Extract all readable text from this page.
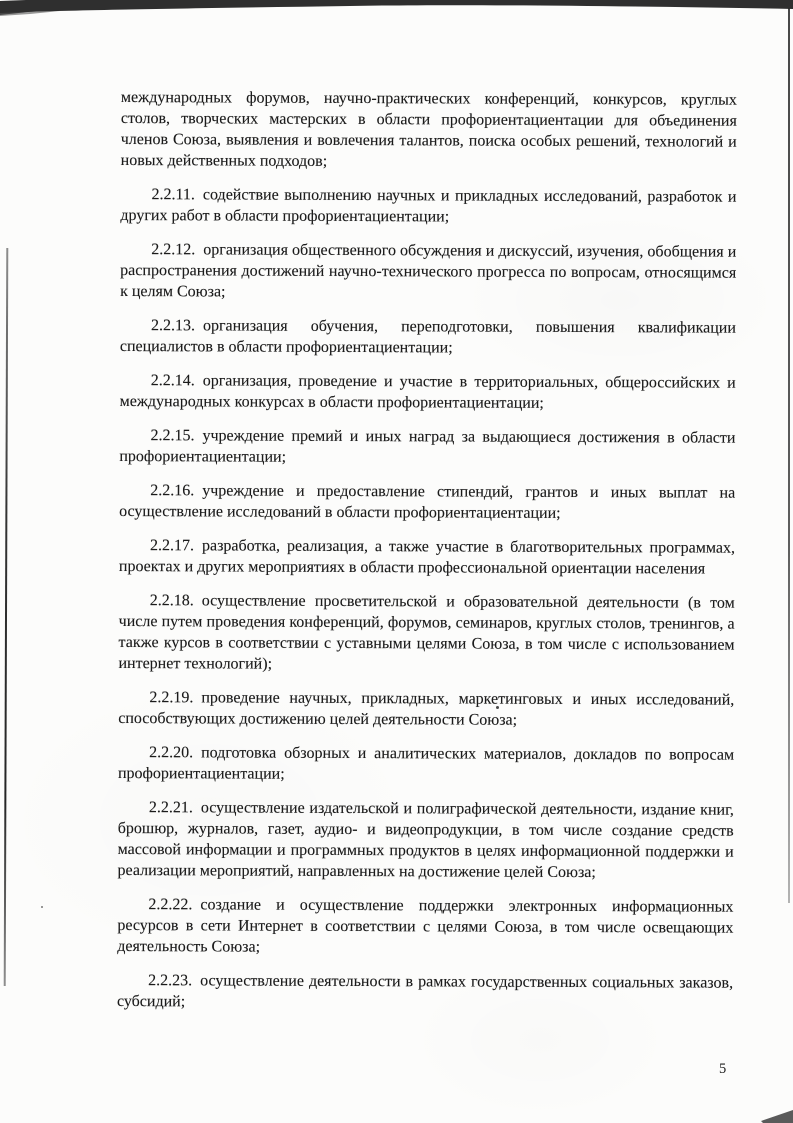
международных форумов, научно-практических конференций, конкурсов, круглых столов, творческих мастерских в области профориентациентации для объединения членов Союза, выявления и вовлечения талантов, поиска особых решений, технологий и новых действенных подходов;

2.2.11. содействие выполнению научных и прикладных исследований, разработок и других работ в области профориентациентации;

2.2.12. организация общественного обсуждения и дискуссий, изучения, обобщения и распространения достижений научно-технического прогресса по вопросам, относящимся к целям Союза;

2.2.13. организация обучения, переподготовки, повышения квалификации специалистов в области профориентациентации;

2.2.14. организация, проведение и участие в территориальных, общероссийских и международных конкурсах в области профориентациентации;

2.2.15. учреждение премий и иных наград за выдающиеся достижения в области профориентациентации;

2.2.16. учреждение и предоставление стипендий, грантов и иных выплат на осуществление исследований в области профориентациентации;

2.2.17. разработка, реализация, а также участие в благотворительных программах, проектах и других мероприятиях в области профессиональной ориентации населения

2.2.18. осуществление просветительской и образовательной деятельности (в том числе путем проведения конференций, форумов, семинаров, круглых столов, тренингов, а также курсов в соответствии с уставными целями Союза, в том числе с использованием интернет технологий);

2.2.19. проведение научных, прикладных, маркетинговых и иных исследований, способствующих достижению целей деятельности Союза;

2.2.20. подготовка обзорных и аналитических материалов, докладов по вопросам профориентациентации;

2.2.21. осуществление издательской и полиграфической деятельности, издание книг, брошюр, журналов, газет, аудио- и видеопродукции, в том числе создание средств массовой информации и программных продуктов в целях информационной поддержки и реализации мероприятий, направленных на достижение целей Союза;

2.2.22. создание и осуществление поддержки электронных информационных ресурсов в сети Интернет в соответствии с целями Союза, в том числе освещающих деятельность Союза;

2.2.23. осуществление деятельности в рамках государственных социальных заказов, субсидий;

5
